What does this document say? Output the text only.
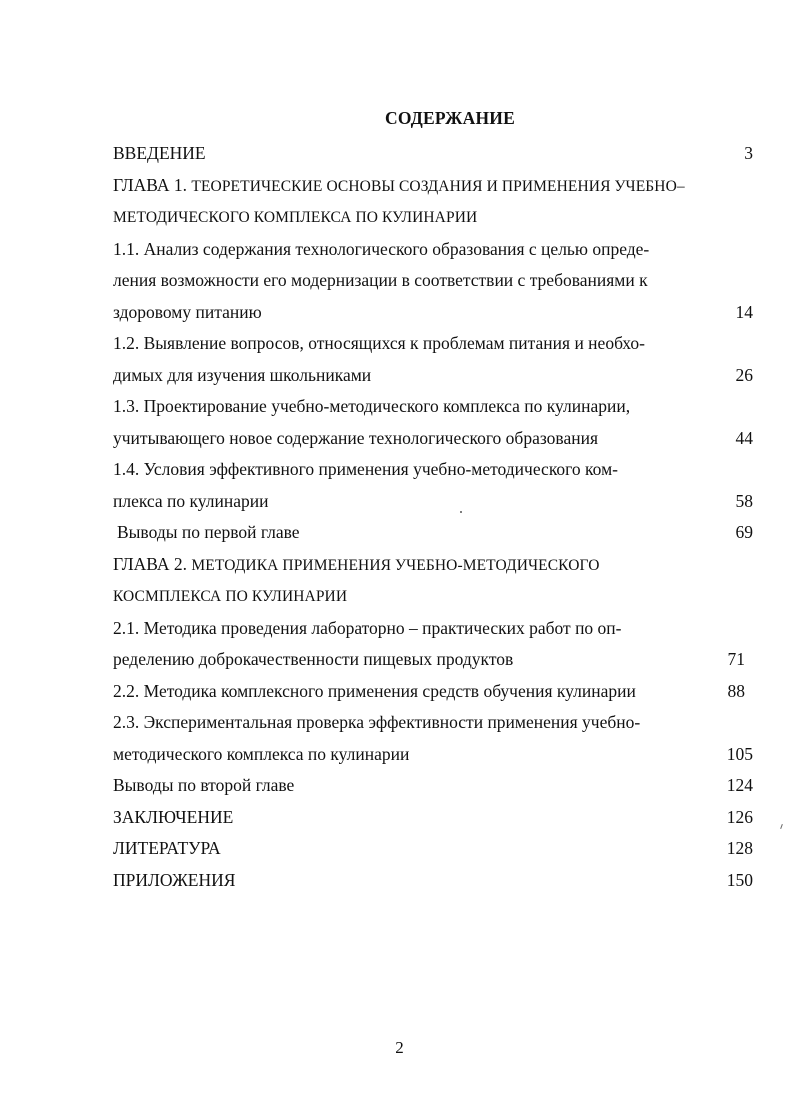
СОДЕРЖАНИЕ
ВВЕДЕНИЕ	3
ГЛАВА 1. ТЕОРЕТИЧЕСКИЕ ОСНОВЫ СОЗДАНИЯ И ПРИМЕНЕНИЯ УЧЕБНО–
МЕТОДИЧЕСКОГО КОМПЛЕКСА ПО КУЛИНАРИИ
1.1. Анализ содержания технологического образования с целью опреде-
ления возможности его модернизации в соответствии с требованиями к
здоровому питанию	14
1.2. Выявление вопросов, относящихся к проблемам питания и необхо-
димых для изучения школьниками	26
1.3. Проектирование учебно-методического комплекса по кулинарии,
учитывающего новое содержание технологического образования	44
1.4. Условия эффективного применения учебно-методического ком-
плекса по кулинарии	58
Выводы по первой главе	69
ГЛАВА 2. МЕТОДИКА ПРИМЕНЕНИЯ УЧЕБНО-МЕТОДИЧЕСКОГО
КОСМПЛЕКСА ПО КУЛИНАРИИ
2.1. Методика проведения лабораторно – практических работ по оп-
ределению доброкачественности пищевых продуктов	71
2.2. Методика комплексного применения средств обучения кулинарии	88
2.3. Экспериментальная проверка эффективности применения учебно-
методического комплекса по кулинарии	105
Выводы по второй главе	124
ЗАКЛЮЧЕНИЕ	126
ЛИТЕРАТУРА	128
ПРИЛОЖЕНИЯ	150
2
